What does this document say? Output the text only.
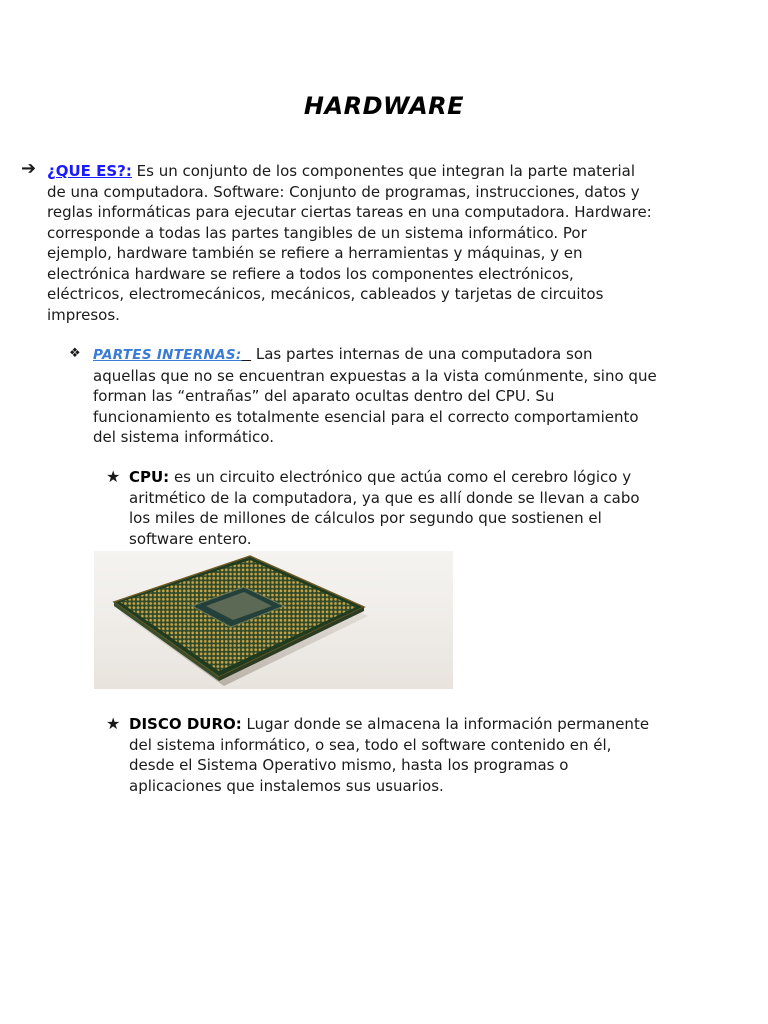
HARDWARE
➔ ¿QUE ES?: Es un conjunto de los componentes que integran la parte material
de una computadora. Software: Conjunto de programas, instrucciones, datos y
reglas informáticas para ejecutar ciertas tareas en una computadora. Hardware:
corresponde a todas las partes tangibles de un sistema informático. Por
ejemplo, hardware también se refiere a herramientas y máquinas, y en
electrónica hardware se refiere a todos los componentes electrónicos,
eléctricos, electromecánicos, mecánicos, cableados y tarjetas de circuitos
impresos.
❖ PARTES INTERNAS:   Las partes internas de una computadora son
aquellas que no se encuentran expuestas a la vista comúnmente, sino que
forman las “entrañas” del aparato ocultas dentro del CPU. Su
funcionamiento es totalmente esencial para el correcto comportamiento
del sistema informático.
★ CPU: es un circuito electrónico que actúa como el cerebro lógico y
aritmético de la computadora, ya que es allí donde se llevan a cabo
los miles de millones de cálculos por segundo que sostienen el
software entero.
★ DISCO DURO: Lugar donde se almacena la información permanente
del sistema informático, o sea, todo el software contenido en él,
desde el Sistema Operativo mismo, hasta los programas o
aplicaciones que instalemos sus usuarios.
